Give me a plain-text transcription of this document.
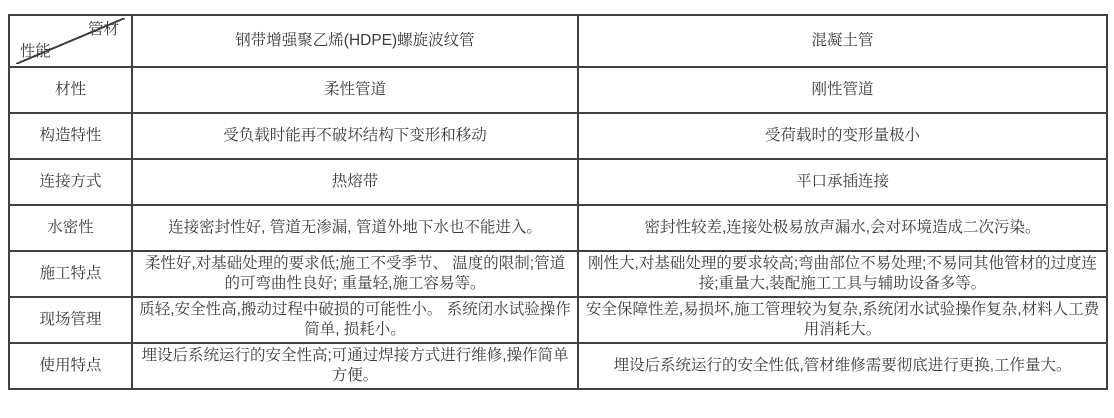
管材
性能	钢带增强聚乙烯(HDPE)螺旋波纹管	混凝土管
材性	柔性管道	刚性管道
构造特性	受负载时能再不破坏结构下变形和移动	受荷载时的变形量极小
连接方式	热熔带	平口承插连接
水密性	连接密封性好, 管道无渗漏, 管道外地下水也不能进入。	密封性较差,连接处极易放声漏水,会对环境造成二次污染。
施工特点	柔性好,对基础处理的要求低;施工不受季节、 温度的限制;管道的可弯曲性良好; 重量轻,施工容易等。	刚性大,对基础处理的要求较高;弯曲部位不易处理;不易同其他管材的过度连接;重量大,装配施工工具与辅助设备多等。
现场管理	质轻,安全性高,搬动过程中破损的可能性小。 系统闭水试验操作简单, 损耗小。	安全保障性差,易损坏,施工管理较为复杂,系统闭水试验操作复杂,材料人工费用消耗大。
使用特点	埋设后系统运行的安全性高;可通过焊接方式进行维修,操作简单方便。	埋设后系统运行的安全性低,管材维修需要彻底进行更换,工作量大。
